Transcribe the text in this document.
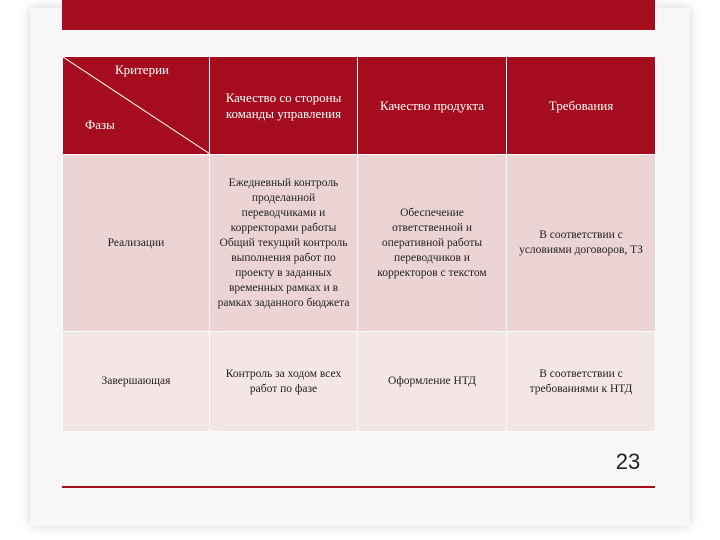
Критерии
Фазы	Качество со стороны команды управления	Качество продукта	Требования
Реализации	Ежедневный контроль проделанной переводчиками и корректорами работы Общий текущий контроль выполнения работ по проекту в заданных временных рамках и в рамках заданного бюджета	Обеспечение ответственной и оперативной работы переводчиков и корректоров с текстом	В соответствии с условиями договоров, ТЗ
Завершающая	Контроль за ходом всех работ по фазе	Оформление НТД	В соответствии с требованиями к НТД
23
